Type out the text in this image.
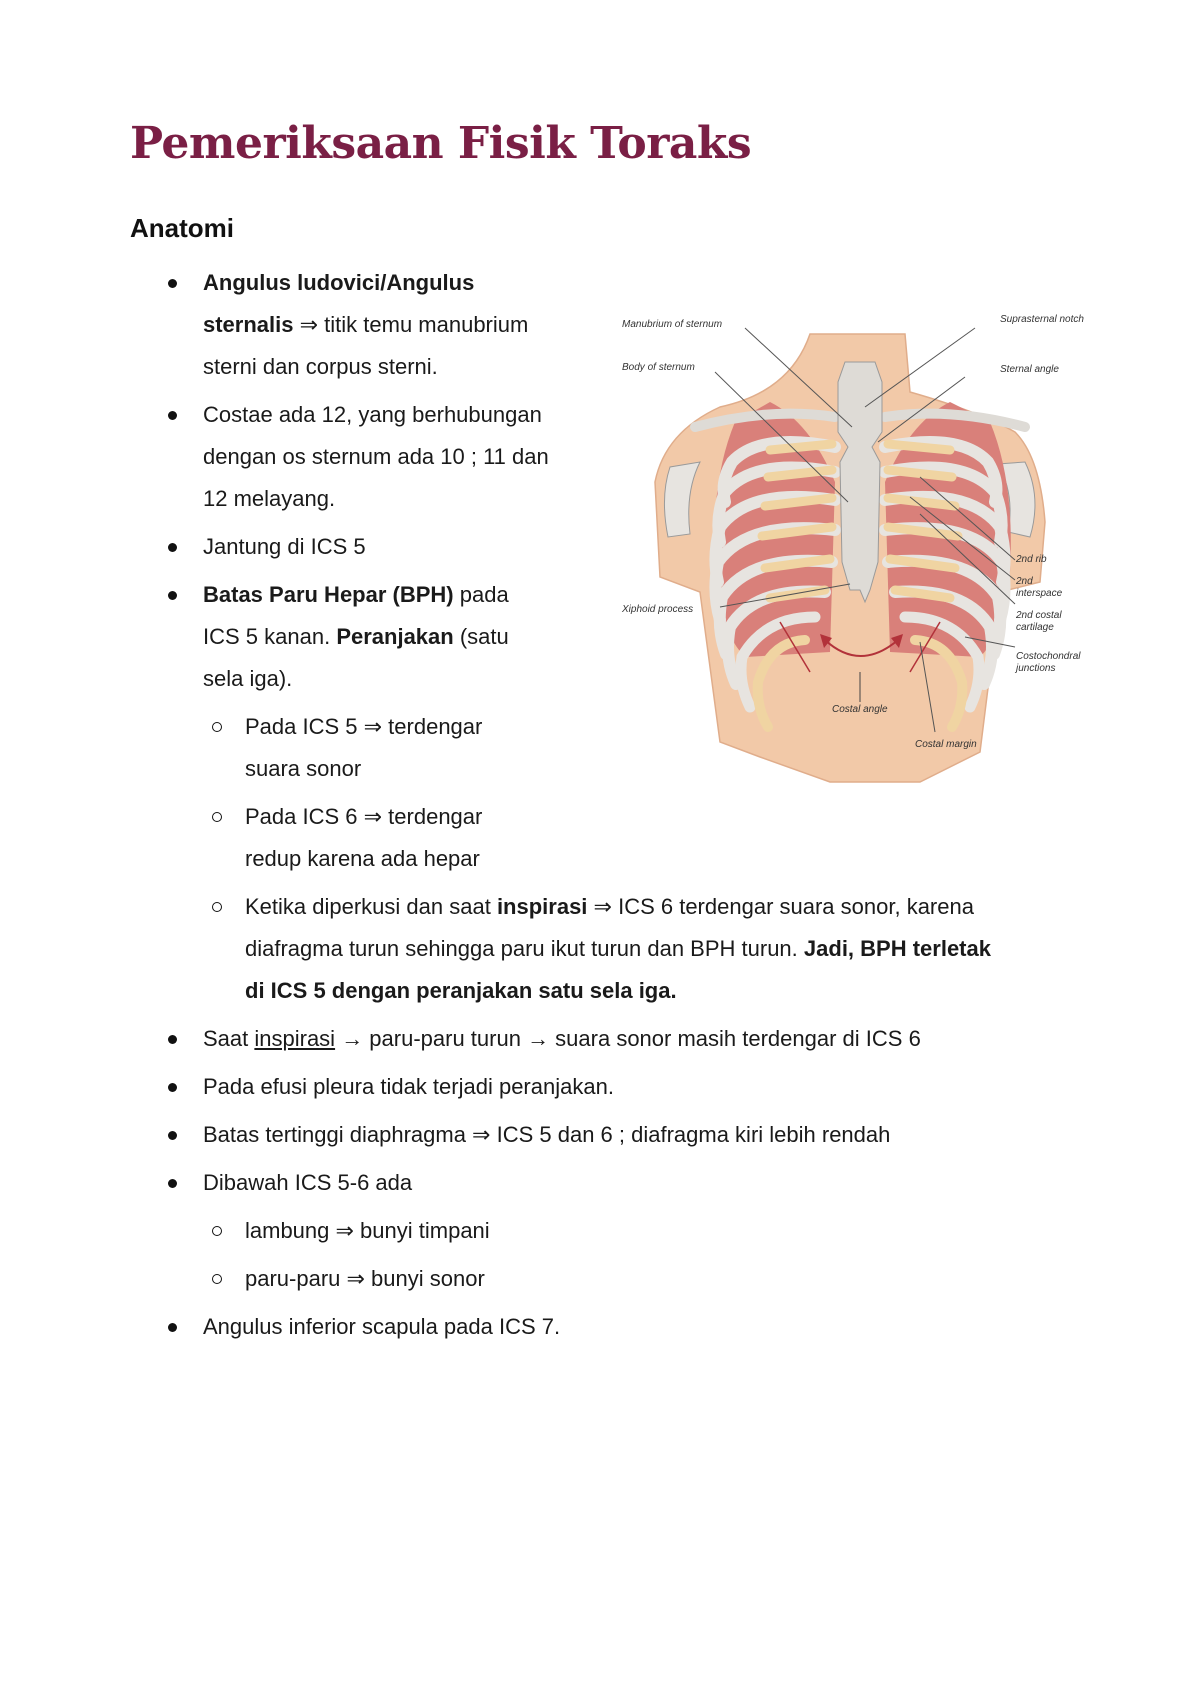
Pemeriksaan Fisik Toraks
Anatomi
Angulus ludovici/Angulus sternalis ⇒ titik temu manubrium sterni dan corpus sterni.
Costae ada 12, yang berhubungan dengan os sternum ada 10 ; 11 dan 12 melayang.
Jantung di ICS 5
Batas Paru Hepar (BPH) pada ICS 5 kanan. Peranjakan (satu sela iga).
Pada ICS 5 ⇒ terdengar suara sonor
Pada ICS 6 ⇒ terdengar redup karena ada hepar
Ketika diperkusi dan saat inspirasi ⇒ ICS 6 terdengar suara sonor, karena diafragma turun sehingga paru ikut turun dan BPH turun. Jadi, BPH terletak di ICS 5 dengan peranjakan satu sela iga.
Saat inspirasi → paru-paru turun → suara sonor masih terdengar di ICS 6
Pada efusi pleura tidak terjadi peranjakan.
Batas tertinggi diaphragma ⇒ ICS 5 dan 6 ; diafragma kiri lebih rendah
Dibawah ICS 5-6 ada
lambung ⇒ bunyi timpani
paru-paru ⇒ bunyi sonor
Angulus inferior scapula pada ICS 7.
Manubrium of sternum
Body of sternum
Suprasternal notch
Sternal angle
2nd rib
2nd
interspace
2nd costal
cartilage
Costochondral
junctions
Xiphoid process
Costal angle
Costal margin
